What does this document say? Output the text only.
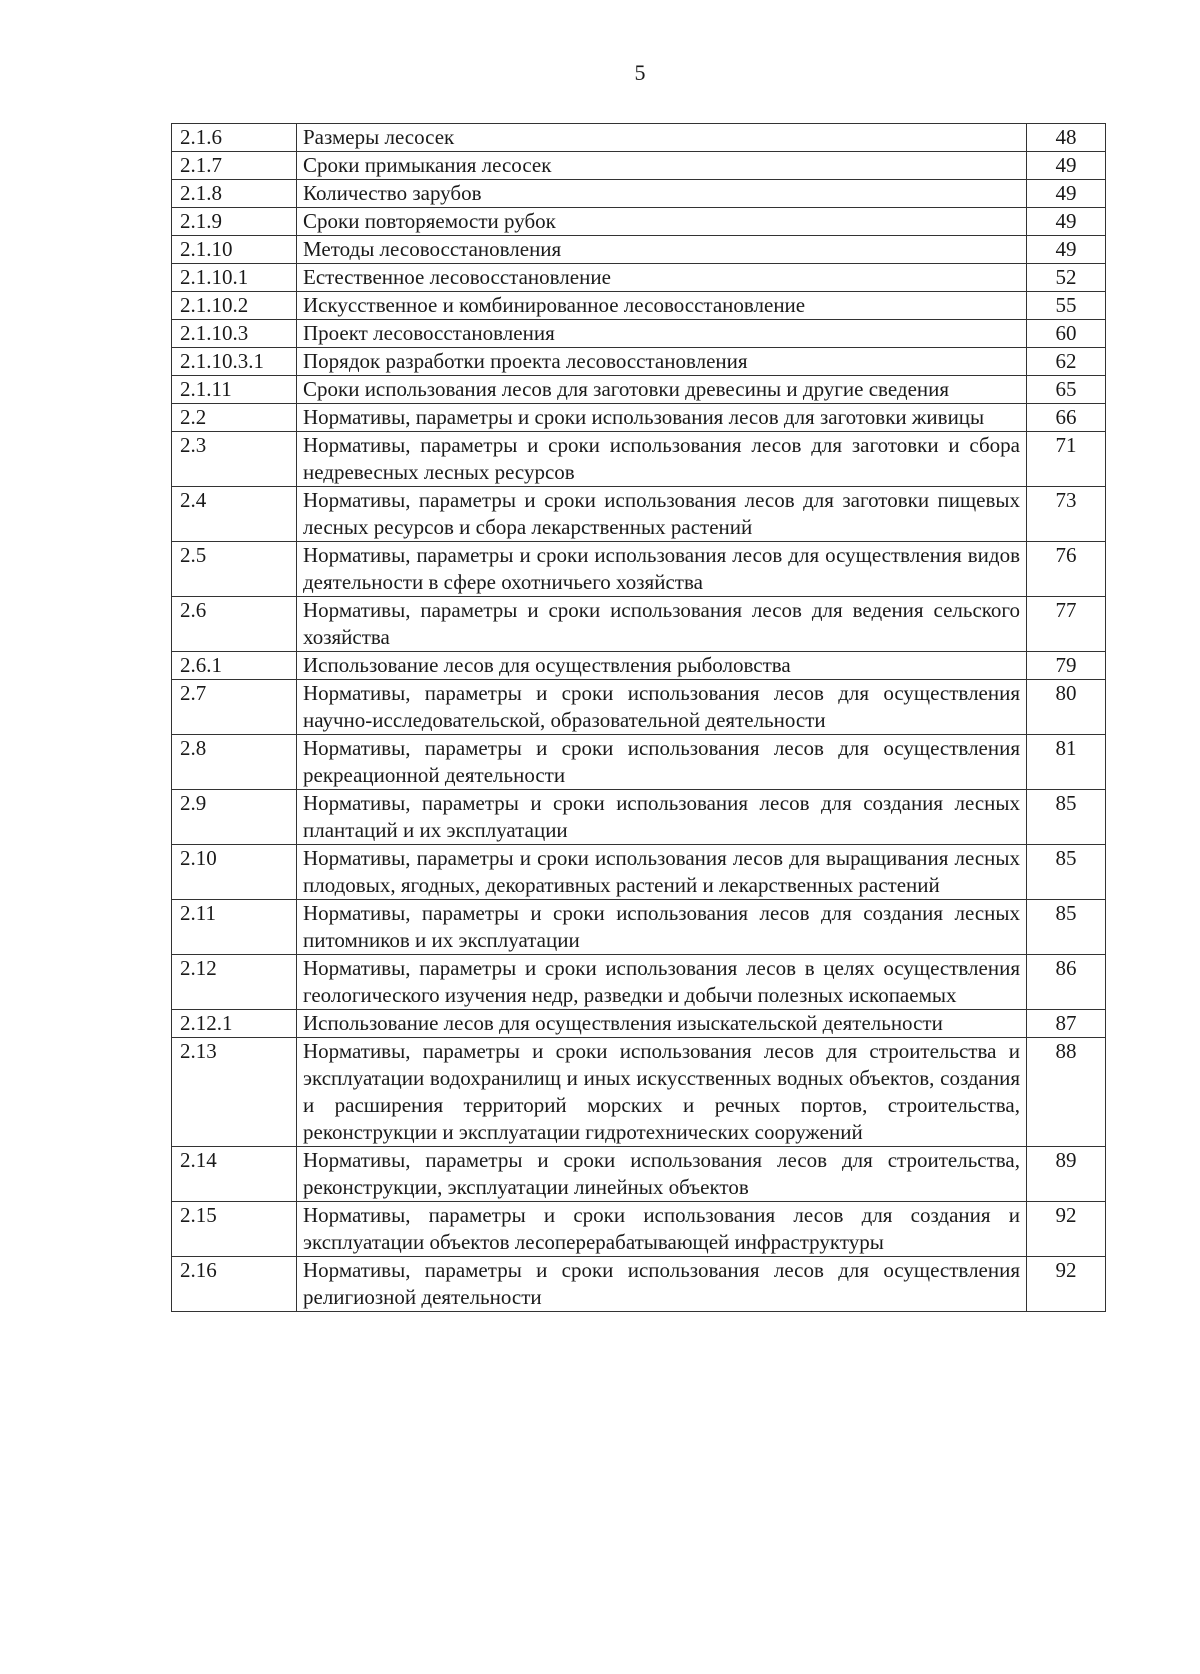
5
2.1.6	Размеры лесосек	48
2.1.7	Сроки примыкания лесосек	49
2.1.8	Количество зарубов	49
2.1.9	Сроки повторяемости рубок	49
2.1.10	Методы лесовосстановления	49
2.1.10.1	Естественное лесовосстановление	52
2.1.10.2	Искусственное и комбинированное лесовосстановление	55
2.1.10.3	Проект лесовосстановления	60
2.1.10.3.1	Порядок разработки проекта лесовосстановления	62
2.1.11	Сроки использования лесов для заготовки древесины и другие сведения	65
2.2	Нормативы, параметры и сроки использования лесов для заготовки живицы	66
2.3	Нормативы, параметры и сроки использования лесов для заготовки и сбора недревесных лесных ресурсов	71
2.4	Нормативы, параметры и сроки использования лесов для заготовки пищевых лесных ресурсов и сбора лекарственных растений	73
2.5	Нормативы, параметры и сроки использования лесов для осуществления видов деятельности в сфере охотничьего хозяйства	76
2.6	Нормативы, параметры и сроки использования лесов для ведения сельского хозяйства	77
2.6.1	Использование лесов для осуществления рыболовства	79
2.7	Нормативы, параметры и сроки использования лесов для осуществления научно-исследовательской, образовательной деятельности	80
2.8	Нормативы, параметры и сроки использования лесов для осуществления рекреационной деятельности	81
2.9	Нормативы, параметры и сроки использования лесов для создания лесных плантаций и их эксплуатации	85
2.10	Нормативы, параметры и сроки использования лесов для выращивания лесных плодовых, ягодных, декоративных растений и лекарственных растений	85
2.11	Нормативы, параметры и сроки использования лесов для создания лесных питомников и их эксплуатации	85
2.12	Нормативы, параметры и сроки использования лесов в целях осуществления геологического изучения недр, разведки и добычи полезных ископаемых	86
2.12.1	Использование лесов для осуществления изыскательской деятельности	87
2.13	Нормативы, параметры и сроки использования лесов для строительства и эксплуатации водохранилищ и иных искусственных водных объектов, создания и расширения территорий морских и речных портов, строительства, реконструкции и эксплуатации гидротехнических сооружений	88
2.14	Нормативы, параметры и сроки использования лесов для строительства, реконструкции, эксплуатации линейных объектов	89
2.15	Нормативы, параметры и сроки использования лесов для создания и эксплуатации объектов лесоперерабатывающей инфраструктуры	92
2.16	Нормативы, параметры и сроки использования лесов для осуществления религиозной деятельности	92
